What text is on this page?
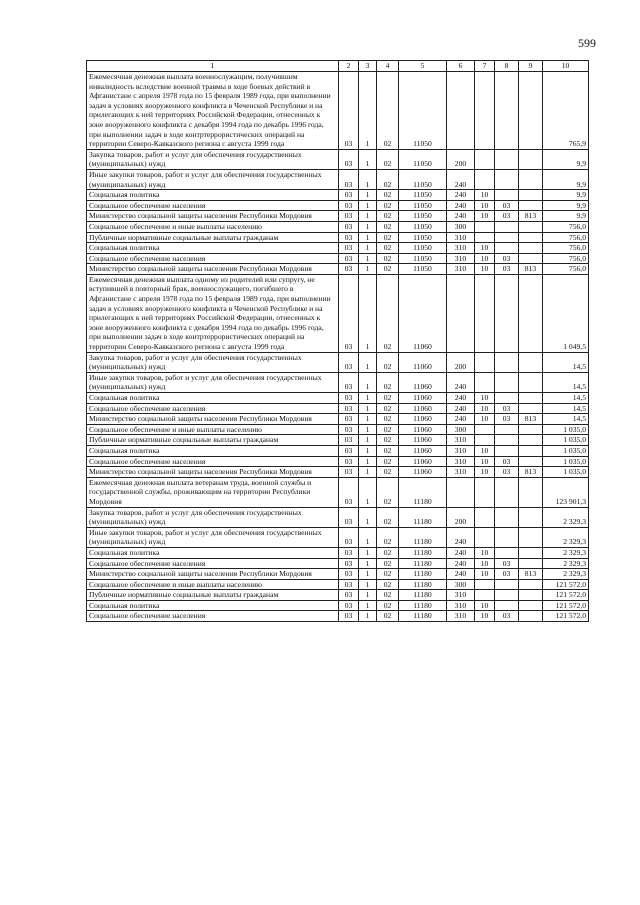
599
1	2	3	4	5	6	7	8	9	10
Ежемесячная денежная выплата военнослужащим, получившим инвалидность вследствие военной травмы в ходе боевых действий в Афганистане с апреля 1978 года по 15 февраля 1989 года, при выполнении задач в условиях вооруженного конфликта в Чеченской Республике и на прилегающих к ней территориях Российской Федерации, отнесенных к зоне вооруженного конфликта с декабря 1994 года по декабрь 1996 года, при выполнении задач в ходе контртеррористических операций на территории Северо-Кавказского региона с августа 1999 года	03	1	02	11050					765,9
Закупка товаров, работ и услуг для обеспечения государственных (муниципальных) нужд	03	1	02	11050	200				9,9
Иные закупки товаров, работ и услуг для обеспечения государственных (муниципальных) нужд	03	1	02	11050	240				9,9
Социальная политика	03	1	02	11050	240	10			9,9
Социальное обеспечение населения	03	1	02	11050	240	10	03		9,9
Министерство социальной защиты населения Республики Мордовия	03	1	02	11050	240	10	03	813	9,9
Социальное обеспечение и иные выплаты населению	03	1	02	11050	300				756,0
Публичные нормативные социальные выплаты гражданам	03	1	02	11050	310				756,0
Социальная политика	03	1	02	11050	310	10			756,0
Социальное обеспечение населения	03	1	02	11050	310	10	03		756,0
Министерство социальной защиты населения Республики Мордовия	03	1	02	11050	310	10	03	813	756,0
Ежемесячная денежная выплата одному из родителей или супругу, не вступившей в повторный брак, военнослужащего, погибшего в Афганистане с апреля 1978 года по 15 февраля 1989 года, при выполнении задач в условиях вооруженного конфликта в Чеченской Республике и на прилегающих к ней территориях Российской Федерации, отнесенных к зоне вооруженного конфликта с декабря 1994 года по декабрь 1996 года, при выполнении задач в ходе контртеррористических операций на территории Северо-Кавказского региона с августа 1999 года	03	1	02	11060					1 049,5
Закупка товаров, работ и услуг для обеспечения государственных (муниципальных) нужд	03	1	02	11060	200				14,5
Иные закупки товаров, работ и услуг для обеспечения государственных (муниципальных) нужд	03	1	02	11060	240				14,5
Социальная политика	03	1	02	11060	240	10			14,5
Социальное обеспечение населения	03	1	02	11060	240	10	03		14,5
Министерство социальной защиты населения Республики Мордовия	03	1	02	11060	240	10	03	813	14,5
Социальное обеспечение и иные выплаты населению	03	1	02	11060	300				1 035,0
Публичные нормативные социальные выплаты гражданам	03	1	02	11060	310				1 035,0
Социальная политика	03	1	02	11060	310	10			1 035,0
Социальное обеспечение населения	03	1	02	11060	310	10	03		1 035,0
Министерство социальной защиты населения Республики Мордовия	03	1	02	11060	310	10	03	813	1 035,0
Ежемесячная денежная выплата ветеранам труда, военной службы и государственной службы, проживающим на территории Республики Мордовия	03	1	02	11180					123 901,3
Закупка товаров, работ и услуг для обеспечения государственных (муниципальных) нужд	03	1	02	11180	200				2 329,3
Иные закупки товаров, работ и услуг для обеспечения государственных (муниципальных) нужд	03	1	02	11180	240				2 329,3
Социальная политика	03	1	02	11180	240	10			2 329,3
Социальное обеспечение населения	03	1	02	11180	240	10	03		2 329,3
Министерство социальной защиты населения Республики Мордовия	03	1	02	11180	240	10	03	813	2 329,3
Социальное обеспечение и иные выплаты населению	03	1	02	11180	300				121 572,0
Публичные нормативные социальные выплаты гражданам	03	1	02	11180	310				121 572,0
Социальная политика	03	1	02	11180	310	10			121 572,0
Социальное обеспечение населения	03	1	02	11180	310	10	03		121 572,0
